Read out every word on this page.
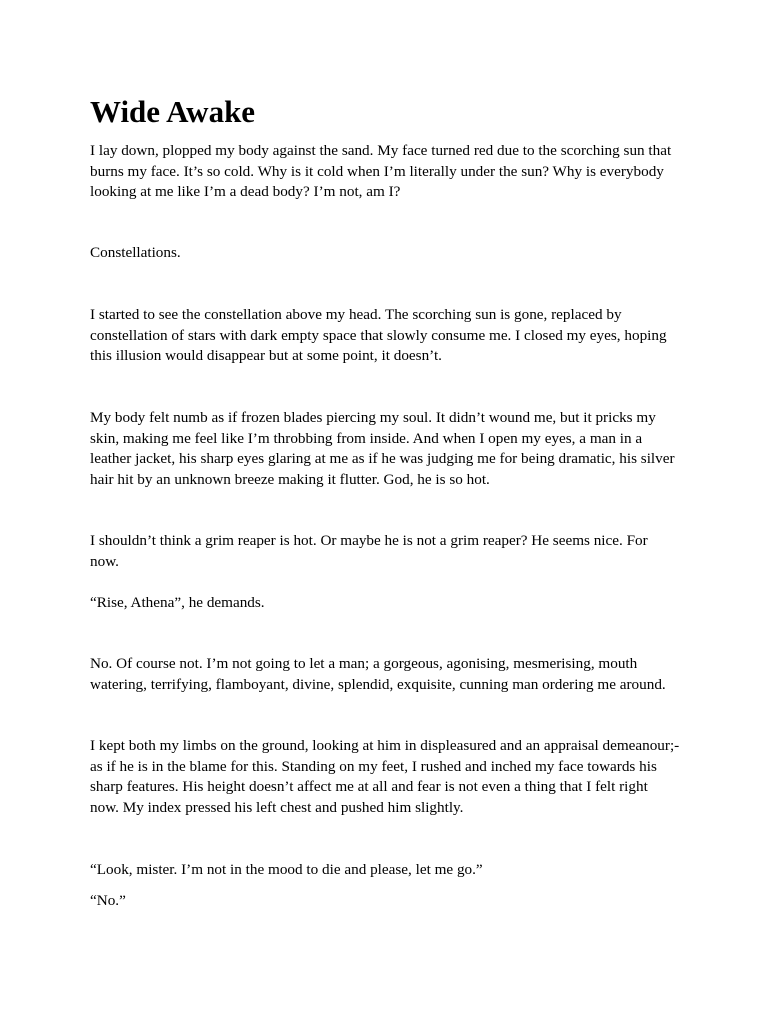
Wide Awake

I lay down, plopped my body against the sand. My face turned red due to the scorching sun that burns my face. It’s so cold. Why is it cold when I’m literally under the sun? Why is everybody looking at me like I’m a dead body? I’m not, am I?

Constellations.

I started to see the constellation above my head. The scorching sun is gone, replaced by constellation of stars with dark empty space that slowly consume me. I closed my eyes, hoping this illusion would disappear but at some point, it doesn’t.

My body felt numb as if frozen blades piercing my soul. It didn’t wound me, but it pricks my skin, making me feel like I’m throbbing from inside. And when I open my eyes, a man in a leather jacket, his sharp eyes glaring at me as if he was judging me for being dramatic, his silver hair hit by an unknown breeze making it flutter. God, he is so hot.

I shouldn’t think a grim reaper is hot. Or maybe he is not a grim reaper? He seems nice. For now.

“Rise, Athena”, he demands.

No. Of course not. I’m not going to let a man; a gorgeous, agonising, mesmerising, mouth watering, terrifying, flamboyant, divine, splendid, exquisite, cunning man ordering me around.

I kept both my limbs on the ground, looking at him in displeasured and an appraisal demeanour;- as if he is in the blame for this. Standing on my feet, I rushed and inched my face towards his sharp features. His height doesn’t affect me at all and fear is not even a thing that I felt right now. My index pressed his left chest and pushed him slightly.

“Look, mister. I’m not in the mood to die and please, let me go.”

“No.”
